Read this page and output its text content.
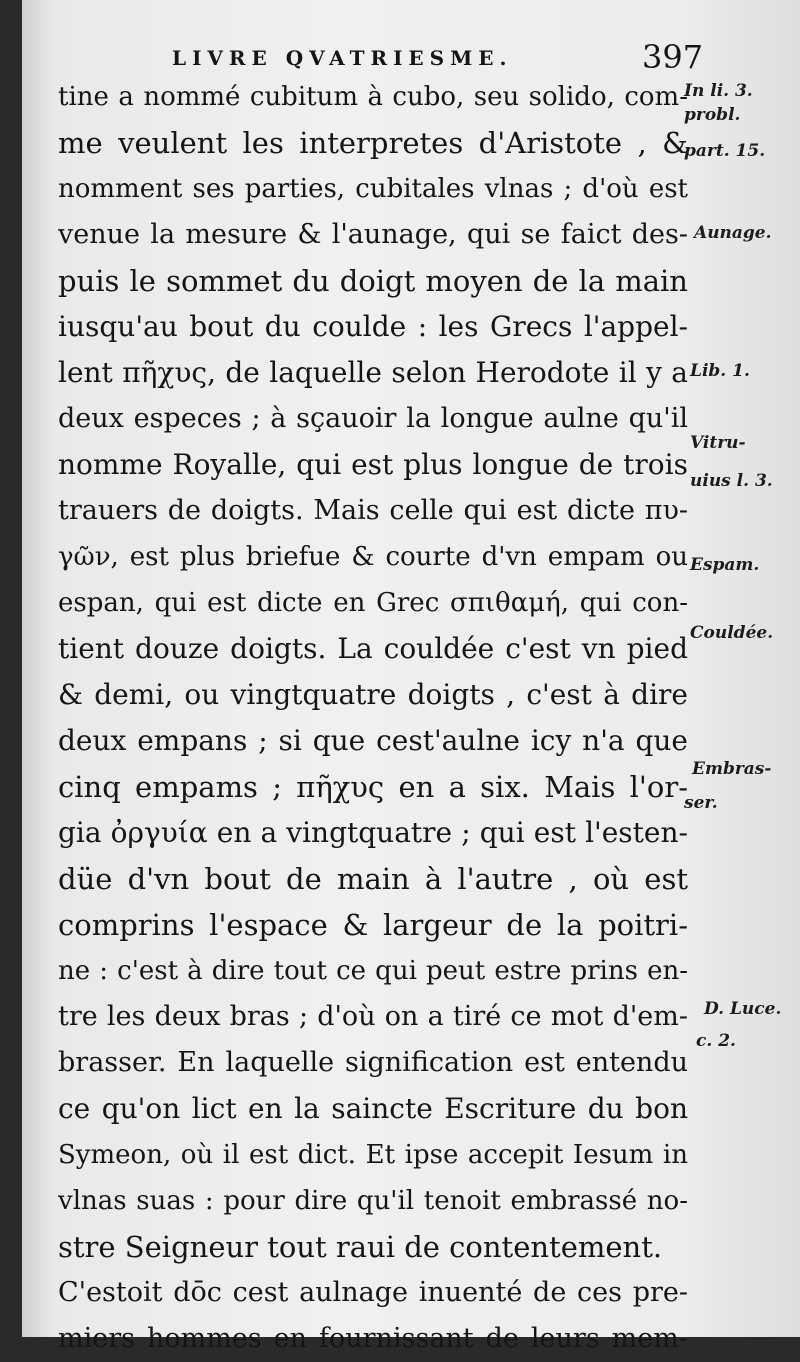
LIVRE QVATRIESME.	397
tine a nommé cubitum à cubo, seu solido, com-
me veulent les interpretes d'Aristote , &
nomment ses parties, cubitales vlnas ; d'où est
venue la mesure & l'aunage, qui se faict des-
puis le sommet du doigt moyen de la main
iusqu'au bout du coulde : les Grecs l'appel-
lent πῆχυς, de laquelle selon Herodote il y a
deux especes ; à sçauoir la longue aulne qu'il
nomme Royalle, qui est plus longue de trois
trauers de doigts. Mais celle qui est dicte πυ-
γῶν, est plus briefue & courte d'vn empam ou
espan, qui est dicte en Grec σπιθαμή, qui con-
tient douze doigts. La couldée c'est vn pied
& demi, ou vingtquatre doigts , c'est à dire
deux empans ; si que cest'aulne icy n'a que
cinq empams ; πῆχυς en a six. Mais l'or-
gia ὀργυία en a vingtquatre ; qui est l'esten-
düe d'vn bout de main à l'autre , où est
comprins l'espace & largeur de la poitri-
ne : c'est à dire tout ce qui peut estre prins en-
tre les deux bras ; d'où on a tiré ce mot d'em-
brasser. En laquelle signification est entendu
ce qu'on lict en la saincte Escriture du bon
Symeon, où il est dict. Et ipse accepit Iesum in
vlnas suas : pour dire qu'il tenoit embrassé no-
stre Seigneur tout raui de contentement.
C'estoit dōc cest aulnage inuenté de ces pre-
miers hommes en fournissant de leurs mem-
In li. 3.
probl.
part. 15.
Aunage.
Lib. 1.
Vitru-
uius l. 3.
Espam.
Couldée.
Embras-
ser.
D. Luce.
c. 2.
